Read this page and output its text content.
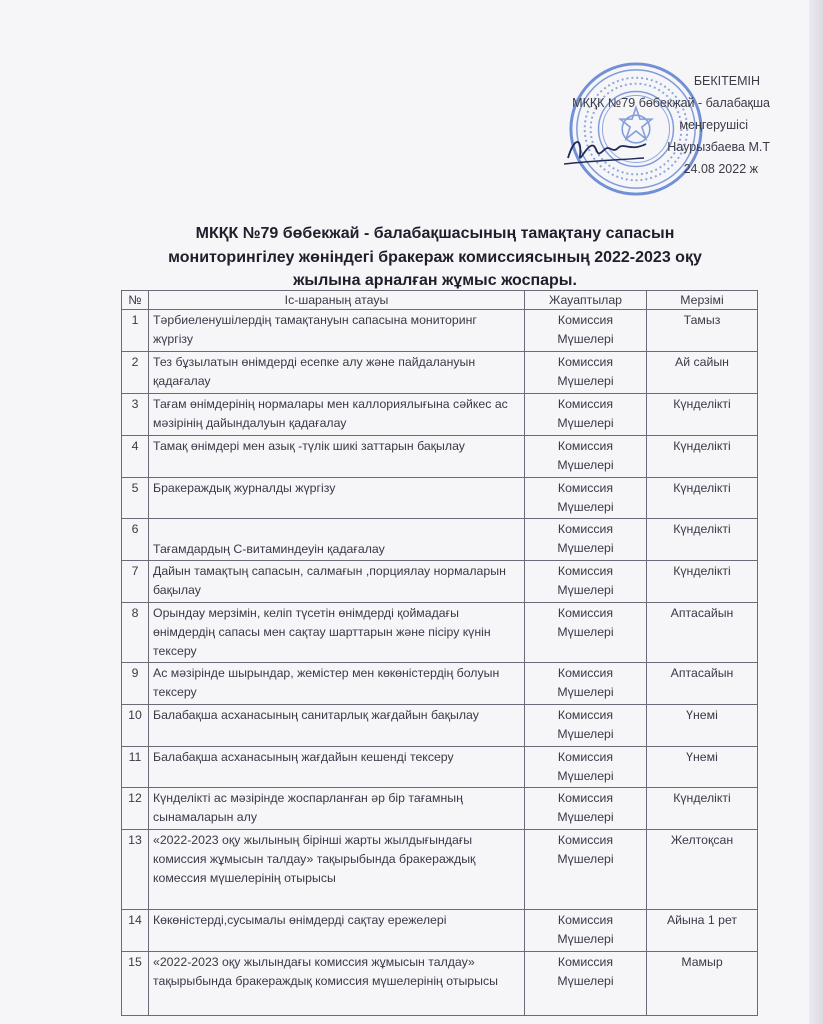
БЕКІТЕМІН
МКҚК №79 бөбекжай - балабақша
меңгерушісі
Наурызбаева М.Т
24.08 2022 ж
МКҚК №79 бөбекжай - балабақшасының тамақтану сапасын
мониторингілеу жөніндегі бракераж комиссиясының 2022-2023 оқу
жылына арналған жұмыс жоспары.
№	Іс-шараның атауы	Жауаптылар	Мерзімі
1	Тәрбиеленушілердің тамақтануын сапасына мониторинг жүргізу	Комиссия Мүшелері	Тамыз
2	Тез бұзылатын өнімдерді есепке алу және пайдалануын қадағалау	Комиссия Мүшелері	Ай сайын
3	Тағам өнімдерінің нормалары мен каллориялығына сәйкес ас мәзірінің дайындалуын қадағалау	Комиссия Мүшелері	Күнделікті
4	Тамақ өнімдері мен азық -түлік шикі заттарын бақылау	Комиссия Мүшелері	Күнделікті
5	Бракераждық журналды жүргізу	Комиссия Мүшелері	Күнделікті
6	Тағамдардың С-витаминдеуін қадағалау	Комиссия Мүшелері	Күнделікті
7	Дайын тамақтың сапасын, салмағын ,порциялау нормаларын бақылау	Комиссия Мүшелері	Күнделікті
8	Орындау мерзімін, келіп түсетін өнімдерді қоймадағы өнімдердің сапасы мен сақтау шарттарын және пісіру күнін тексеру	Комиссия Мүшелері	Аптасайын
9	Ас мәзірінде шырындар, жемістер мен көкөністердің болуын тексеру	Комиссия Мүшелері	Аптасайын
10	Балабақша асханасының санитарлық жағдайын бақылау	Комиссия Мүшелері	Үнемі
11	Балабақша асханасының жағдайын кешенді тексеру	Комиссия Мүшелері	Үнемі
12	Күнделікті ас мәзірінде жоспарланған әр бір тағамның сынамаларын алу	Комиссия Мүшелері	Күнделікті
13	«2022-2023 оқу жылының бірінші жарты жылдығындағы комиссия жұмысын талдау» тақырыбында бракераждық комессия мүшелерінің отырысы	Комиссия Мүшелері	Желтоқсан
14	Көкөністерді,сусымалы өнімдерді сақтау ережелері	Комиссия Мүшелері	Айына 1 рет
15	«2022-2023 оқу жылындағы комиссия жұмысын талдау» тақырыбында бракераждық комиссия мүшелерінің отырысы	Комиссия Мүшелері	Мамыр
